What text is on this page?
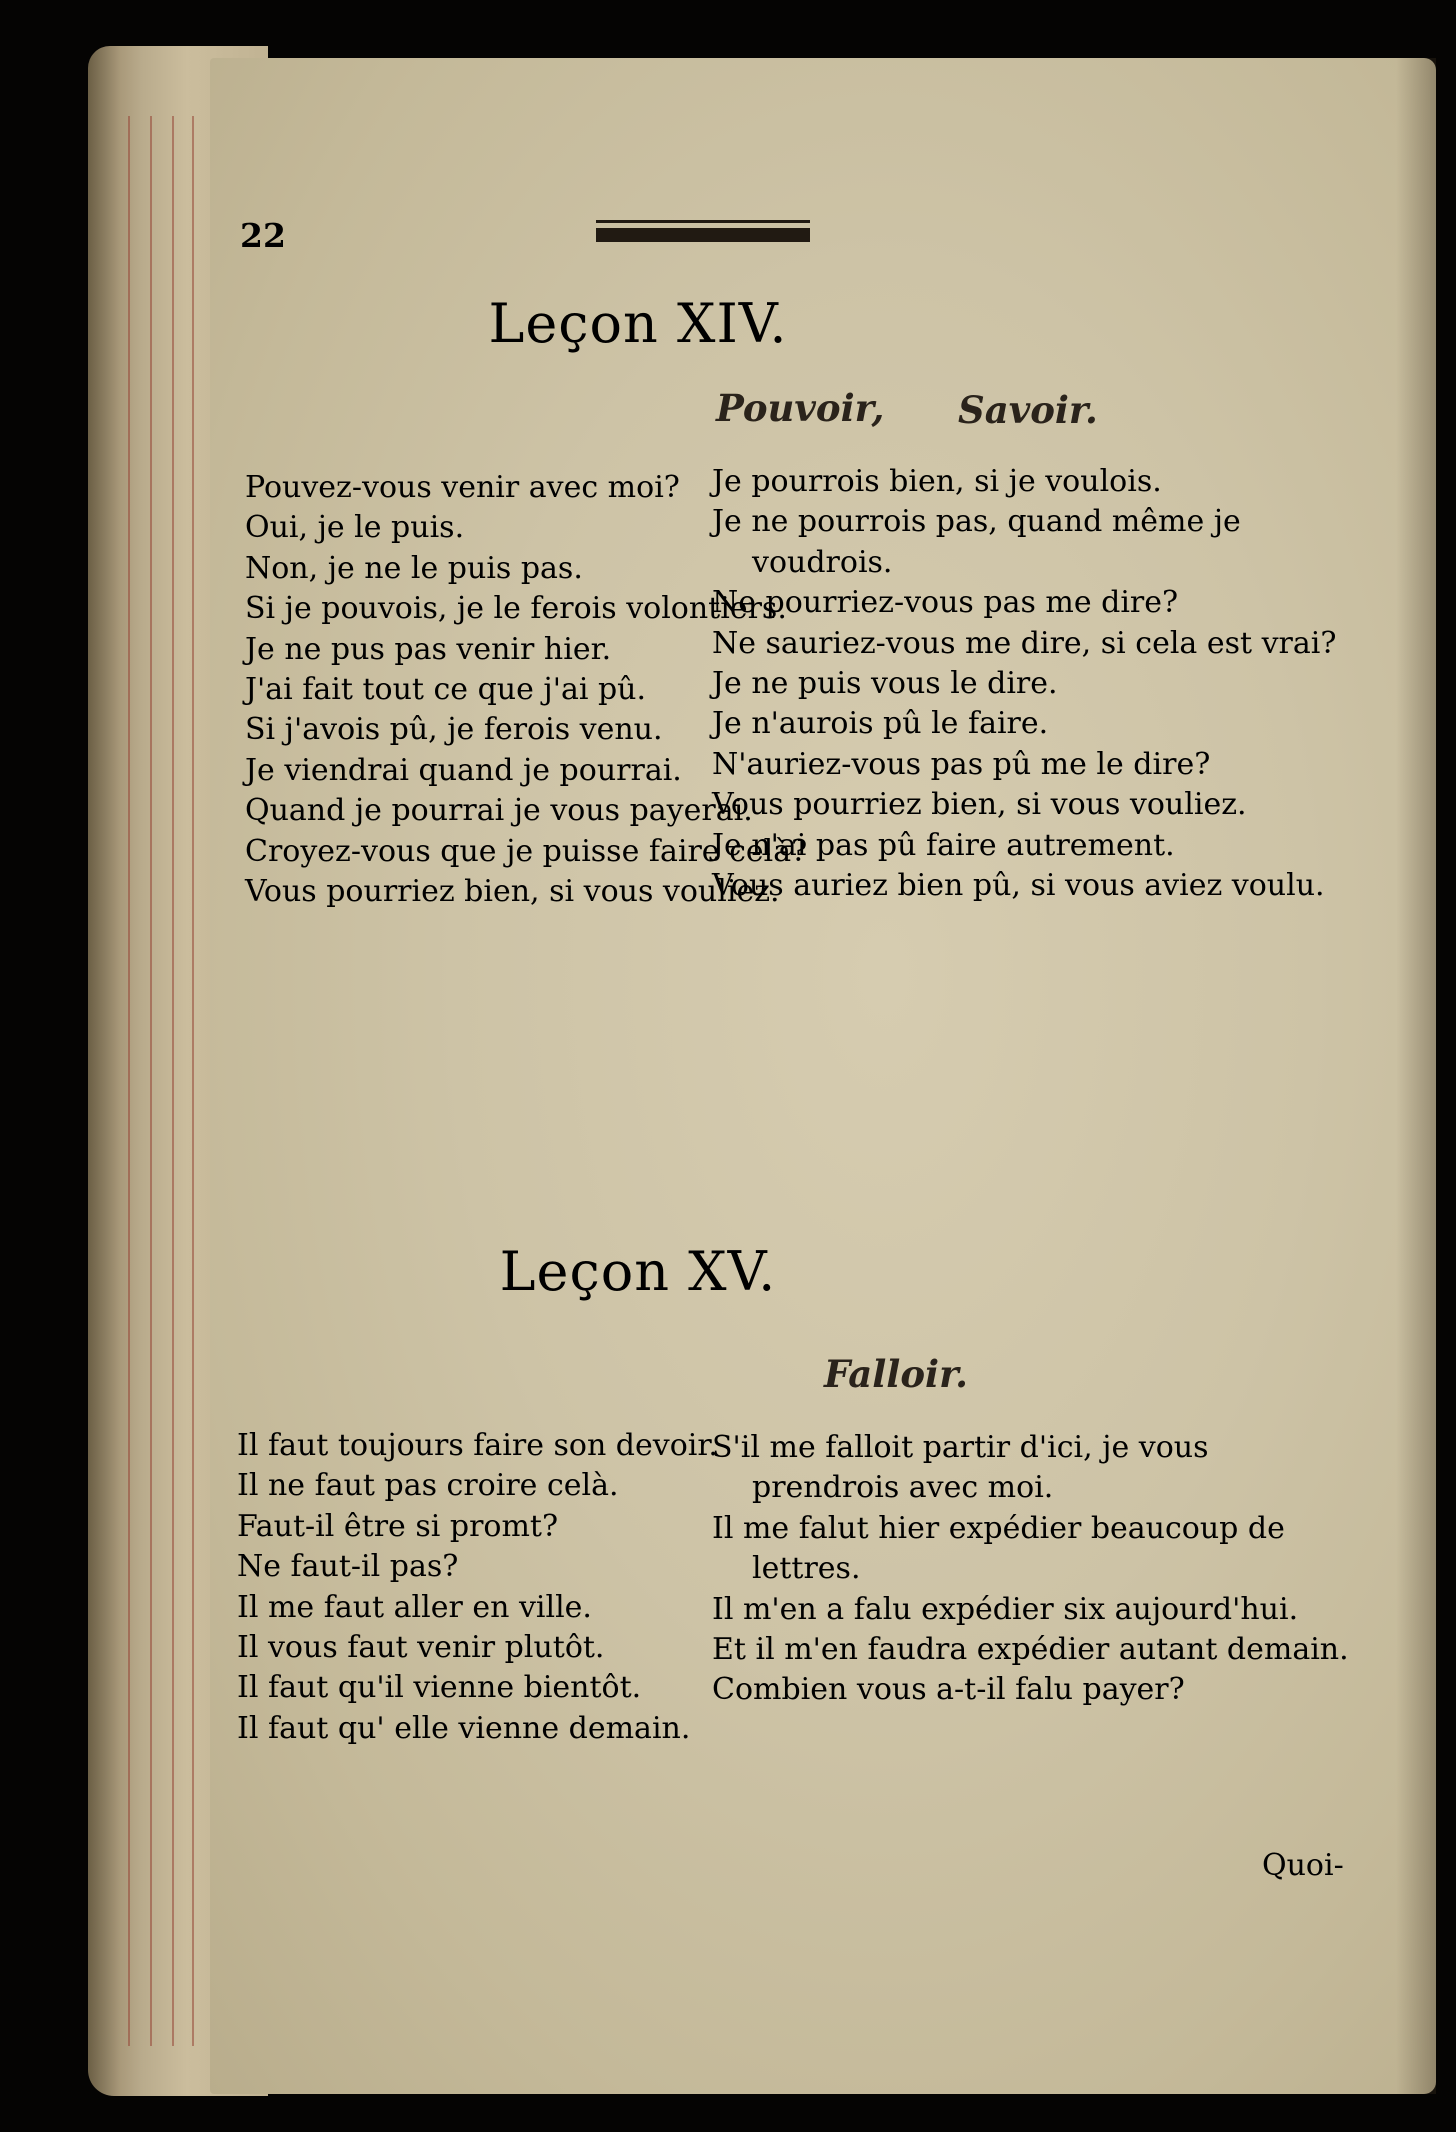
22
Leçon XIV.
Pouvoir, Savoir.

Pouvez-vous venir avec moi?

Oui, je le puis.

Non, je ne le puis pas.

Si je pouvois, je le ferois volontiers.

Je ne pus pas venir hier.

J'ai fait tout ce que j'ai pû.

Si j'avois pû, je ferois venu.

Je viendrai quand je pourrai.

Quand je pourrai je vous payerai.

Croyez-vous que je puisse faire celà?

Vous pourriez bien, si vous vouliez.

Je pourrois bien, si je voulois.

Je ne pourrois pas, quand même je voudrois.

Ne pourriez-vous pas me dire?

Ne sauriez-vous me dire, si cela est vrai?

Je ne puis vous le dire.

Je n'aurois pû le faire.

N'auriez-vous pas pû me le dire?

Vous pourriez bien, si vous vouliez.

Je n'ai pas pû faire autrement.

Vous auriez bien pû, si vous aviez voulu.

Leçon XV.
Falloir.

Il faut toujours faire son devoir.

Il ne faut pas croire celà.

Faut-il être si promt?

Ne faut-il pas?

Il me faut aller en ville.

Il vous faut venir plutôt.

Il faut qu'il vienne bientôt.

Il faut qu' elle vienne demain.

S'il me falloit partir d'ici, je vous prendrois avec moi.

Il me falut hier expédier beaucoup de lettres.

Il m'en a falu expédier six aujourd'hui.

Et il m'en faudra expédier autant demain.

Combien vous a-t-il falu payer?

Quoi-
